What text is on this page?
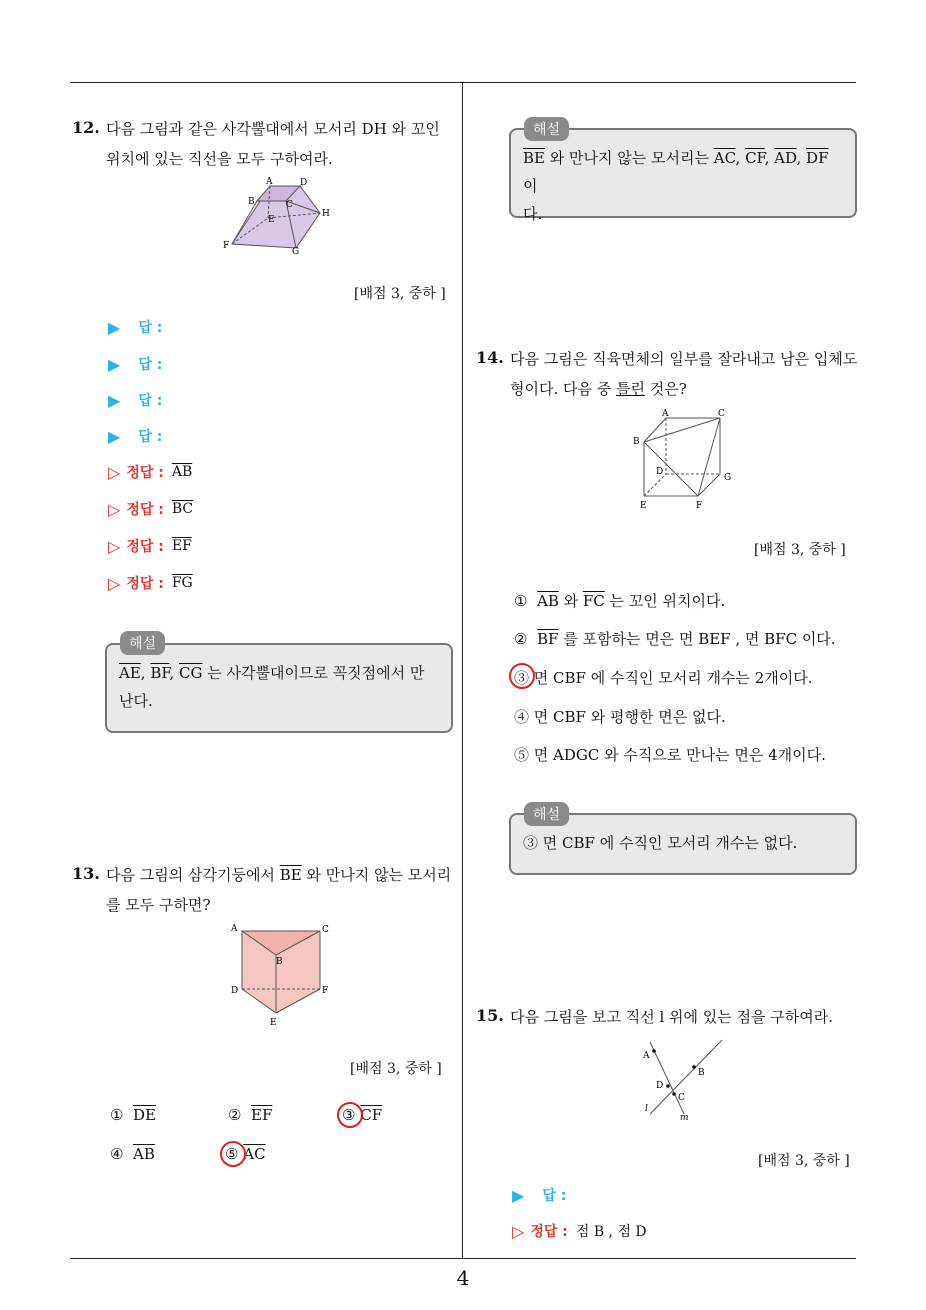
12. 다음 그림과 같은 사각뿔대에서 모서리 DH 와 꼬인
위치에 있는 직선을 모두 구하여라.
A	D
B	C
E
H
F
G
[배점 3, 중하 ]
▶ 답 :
▶ 답 :
▶ 답 :
▶ 답 :
▷ 정답 : $\overline{AB}$
▷ 정답 : $\overline{BC}$
▷ 정답 : $\overline{EF}$
▷ 정답 : $\overline{FG}$
$\overline{AE}$, $\overline{BF}$, $\overline{CG}$ 는 사각뿔대이므로 꼭짓점에서 만
난다.
해설
13. 다음 그림의 삼각기둥에서 $\overline{BE}$ 와 만나지 않는 모서리
를 모두 구하면?
A	C
B
D	F
E
[배점 3, 중하 ]
① $\overline{DE}$	② $\overline{EF}$	③ $\overline{CF}$
④ $\overline{AB}$	⑤ $\overline{AC}$
$\overline{BE}$ 와 만나지 않는 모서리는 $\overline{AC}$, $\overline{CF}$, $\overline{AD}$, $\overline{DF}$ 이
다.
해설
14. 다음 그림은 직육면체의 일부를 잘라내고 남은 입체도
형이다. 다음 중 틀린 것은?
A	C
B
D
G
E	F
[배점 3, 중하 ]
① $\overline{AB}$ 와 $\overline{FC}$ 는 꼬인 위치이다.
② $\overline{BF}$ 를 포함하는 면은 면 BEF , 면 BFC 이다.
③ 면 CBF 에 수직인 모서리 개수는 2개이다.
④ 면 CBF 와 평행한 면은 없다.
⑤ 면 ADGC 와 수직으로 만나는 면은 4개이다.
③ 면 CBF 에 수직인 모서리 개수는 없다.
해설
15. 다음 그림을 보고 직선 l 위에 있는 점을 구하여라.
A
B
D
C
l
m
[배점 3, 중하 ]
▶ 답 :
▷ 정답 : 점 B , 점 D
4
